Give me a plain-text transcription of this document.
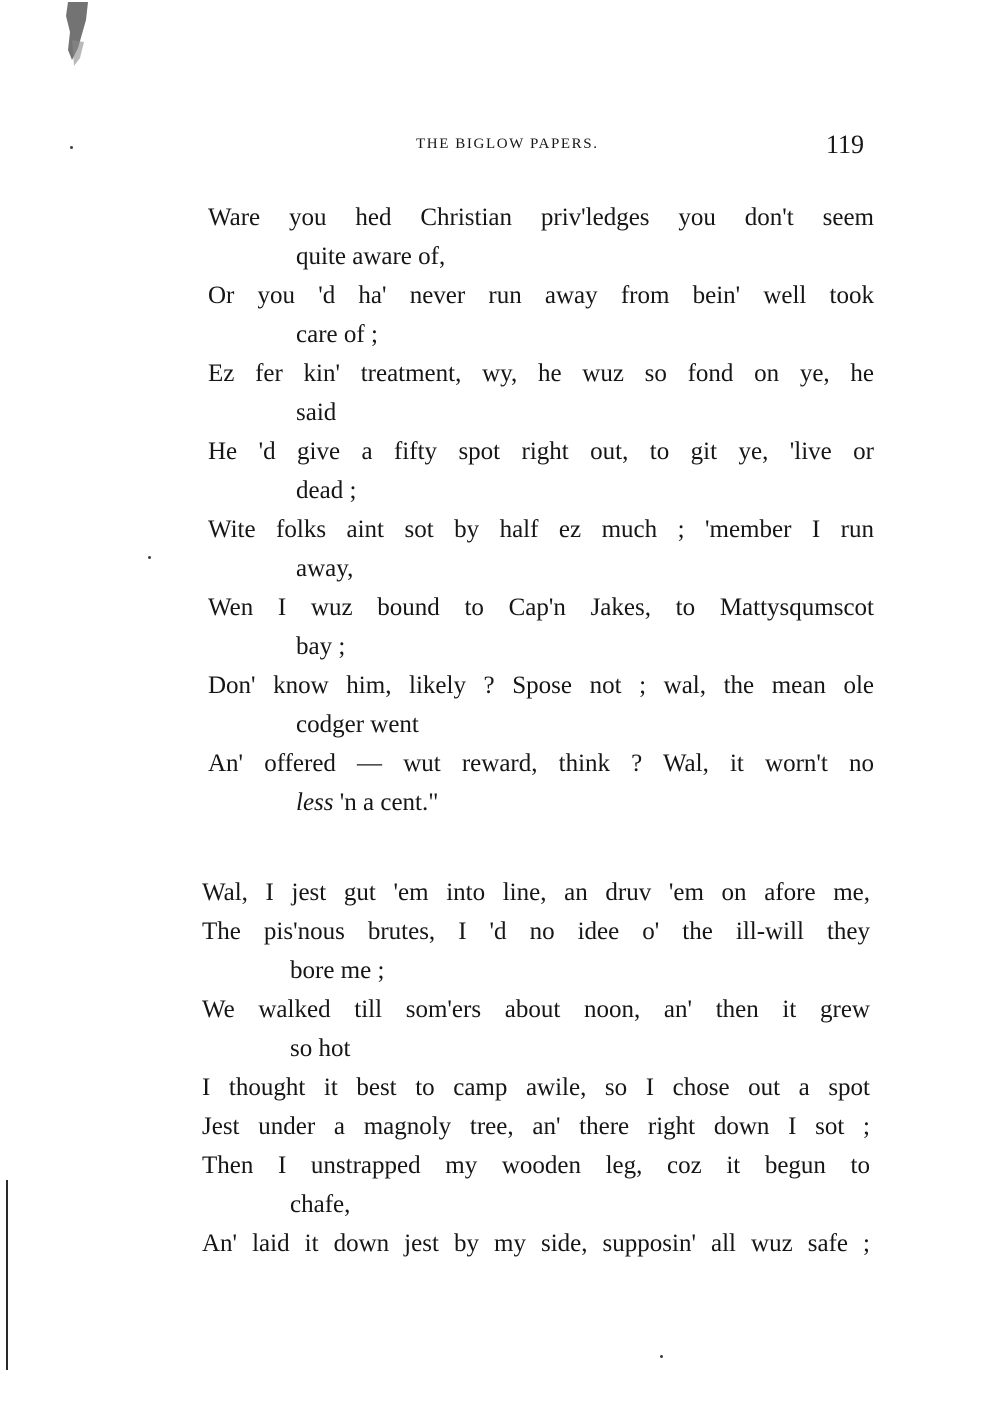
THE BIGLOW PAPERS.	119
Ware you hed Christian priv'ledges you don't seem
quite aware of,
Or you 'd ha' never run away from bein' well took
care of ;
Ez fer kin' treatment, wy, he wuz so fond on ye, he
said
He 'd give a fifty spot right out, to git ye, 'live or
dead ;
Wite folks aint sot by half ez much ; 'member I run
away,
Wen I wuz bound to Cap'n Jakes, to Mattysqumscot
bay ;
Don' know him, likely ? Spose not ; wal, the mean ole
codger went
An' offered — wut reward, think ? Wal, it worn't no
less 'n a cent."
Wal, I jest gut 'em into line, an druv 'em on afore me,
The pis'nous brutes, I 'd no idee o' the ill-will they
bore me ;
We walked till som'ers about noon, an' then it grew
so hot
I thought it best to camp awile, so I chose out a spot
Jest under a magnoly tree, an' there right down I sot ;
Then I unstrapped my wooden leg, coz it begun to
chafe,
An' laid it down jest by my side, supposin' all wuz safe ;
